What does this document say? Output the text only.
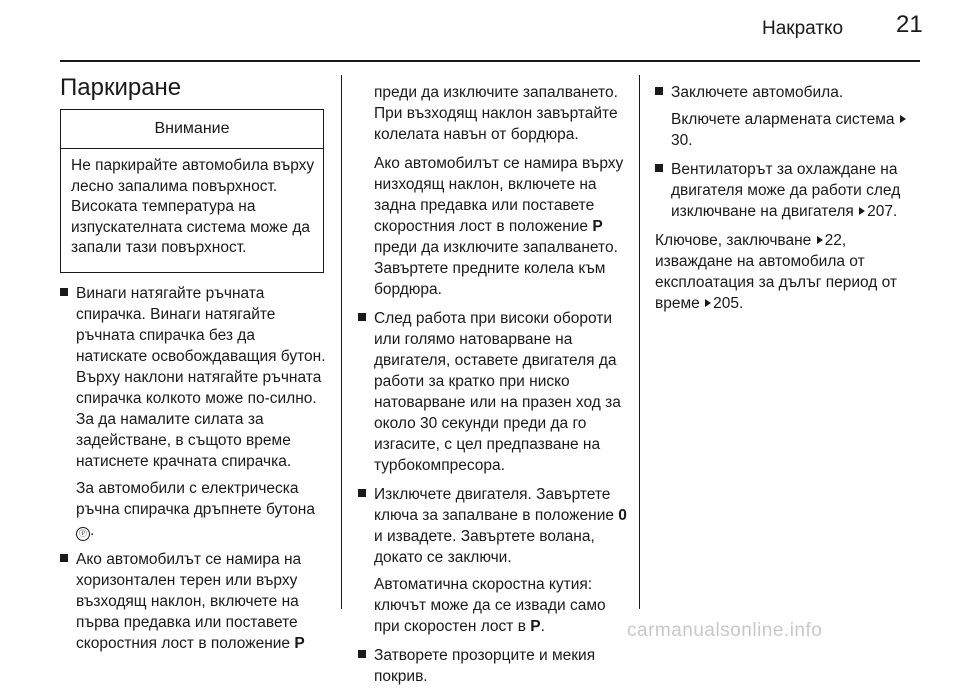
Накратко 21
Паркиране
Внимание
Не паркирайте автомобила върху лесно запалима повърхност. Високата температура на изпускателната система може да запали тази повърхност.
Винаги натягайте ръчната спирачка. Винаги натягайте ръчната спирачка без да натискате освобождаващия бутон. Върху наклони натягайте ръчната спирачка колкото може по-силно. За да намалите силата за задействане, в същото време натиснете крачната спирачка.
За автомобили с електрическа ръчна спирачка дръпнете бутона Ⓟ .
Ако автомобилът се намира на хоризонтален терен или върху възходящ наклон, включете на първа предавка или поставете скоростния лост в положение P
преди да изключите запалването. При възходящ наклон завъртайте колелата навън от бордюра.
Ако автомобилът се намира върху низходящ наклон, включете на задна предавка или поставете скоростния лост в положение P преди да изключите запалването. Завъртете предните колела към бордюра.
След работа при високи обороти или голямо натоварване на двигателя, оставете двигателя да работи за кратко при ниско натоварване или на празен ход за около 30 секунди преди да го изгасите, с цел предпазване на турбокомпресора.
Изключете двигателя. Завъртете ключа за запалване в положение 0 и извадете. Завъртете волана, докато се заключи.
Автоматична скоростна кутия: ключът може да се извади само при скоростен лост в P.
Затворете прозорците и мекия покрив.
Заключете автомобила.
Включете алармената система 30.
Вентилаторът за охлаждане на двигателя може да работи след изключване на двигателя 207.
Ключове, заключване 22, изваждане на автомобила от експлоатация за дълъг период от време 205.
carmanualsonline.info
